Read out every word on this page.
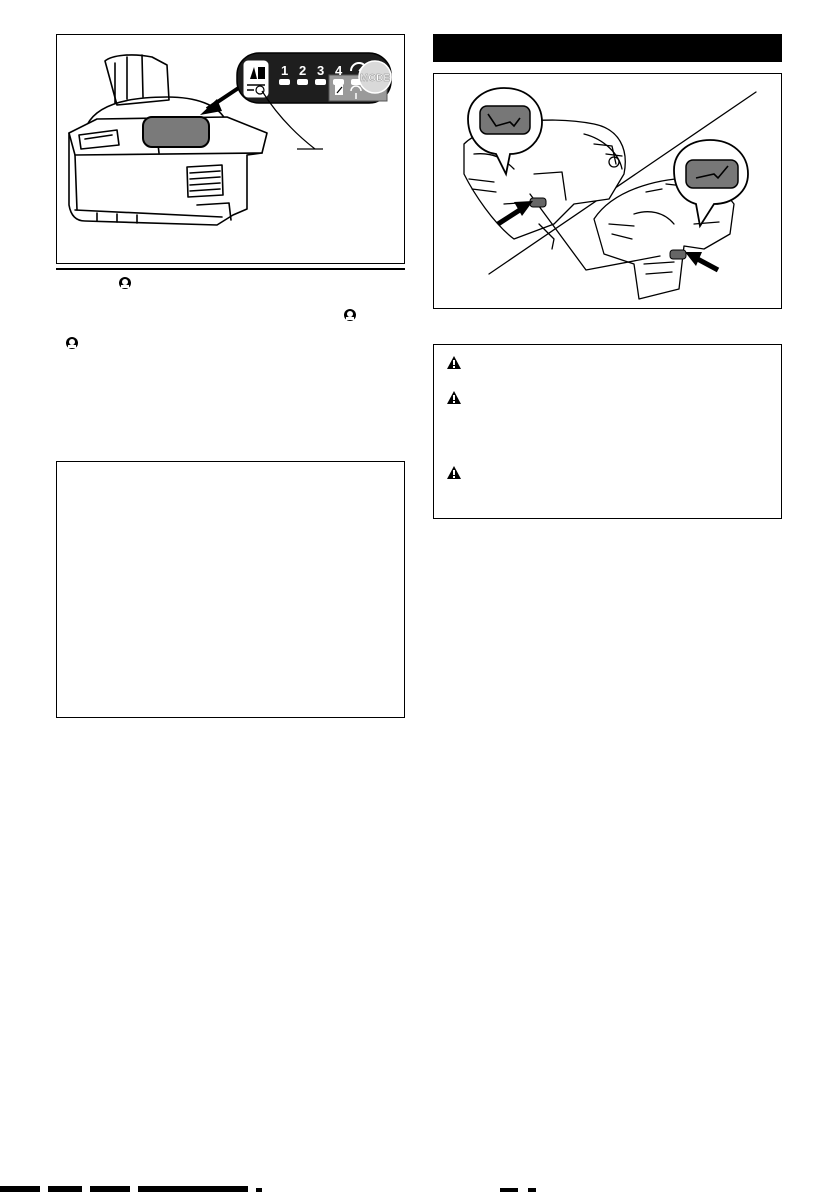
1 2 3 4
MODE
